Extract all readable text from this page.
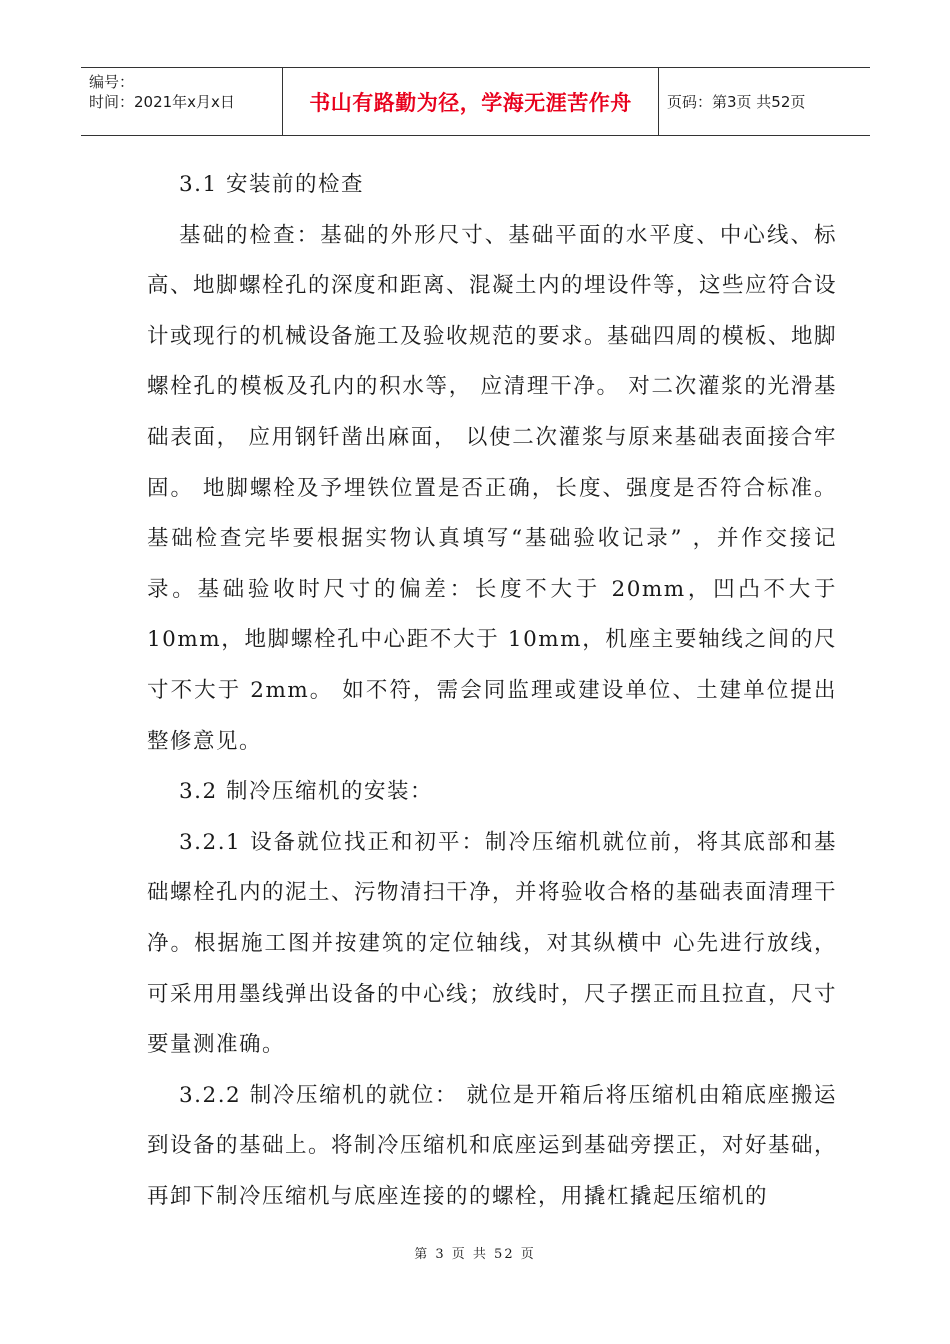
编号：
时间：2021年x月x日	书山有路勤为径，学海无涯苦作舟 页码：第3页 共52页

3.1 安装前的检查

基础的检查：基础的外形尺寸、基础平面的水平度、中心线、标高、地脚螺栓孔的深度和距离、混凝土内的埋设件等，这些应符合设计或现行的机械设备施工及验收规范的要求。基础四周的模板、地脚螺栓孔的模板及孔内的积水等， 应清理干净。 对二次灌浆的光滑基础表面， 应用钢钎凿出麻面， 以使二次灌浆与原来基础表面接合牢固。 地脚螺栓及予埋铁位置是否正确，长度、强度是否符合标准。基础检查完毕要根据实物认真填写“基础验收记录” ，并作交接记录。基础验收时尺寸的偏差：长度不大于 20mm，凹凸不大于 10mm，地脚螺栓孔中心距不大于 10mm，机座主要轴线之间的尺寸不大于 2mm。 如不符，需会同监理或建设单位、土建单位提出整修意见。

3.2 制冷压缩机的安装：

3.2.1 设备就位找正和初平：制冷压缩机就位前，将其底部和基础螺栓孔内的泥土、污物清扫干净，并将验收合格的基础表面清理干净。根据施工图并按建筑的定位轴线，对其纵横中 心先进行放线，可采用用墨线弹出设备的中心线；放线时，尺子摆正而且拉直，尺寸要量测准确。

3.2.2 制冷压缩机的就位： 就位是开箱后将压缩机由箱底座搬运到设备的基础上。将制冷压缩机和底座运到基础旁摆正，对好基础，再卸下制冷压缩机与底座连接的的螺栓，用撬杠撬起压缩机的

第 3 页 共 52 页
